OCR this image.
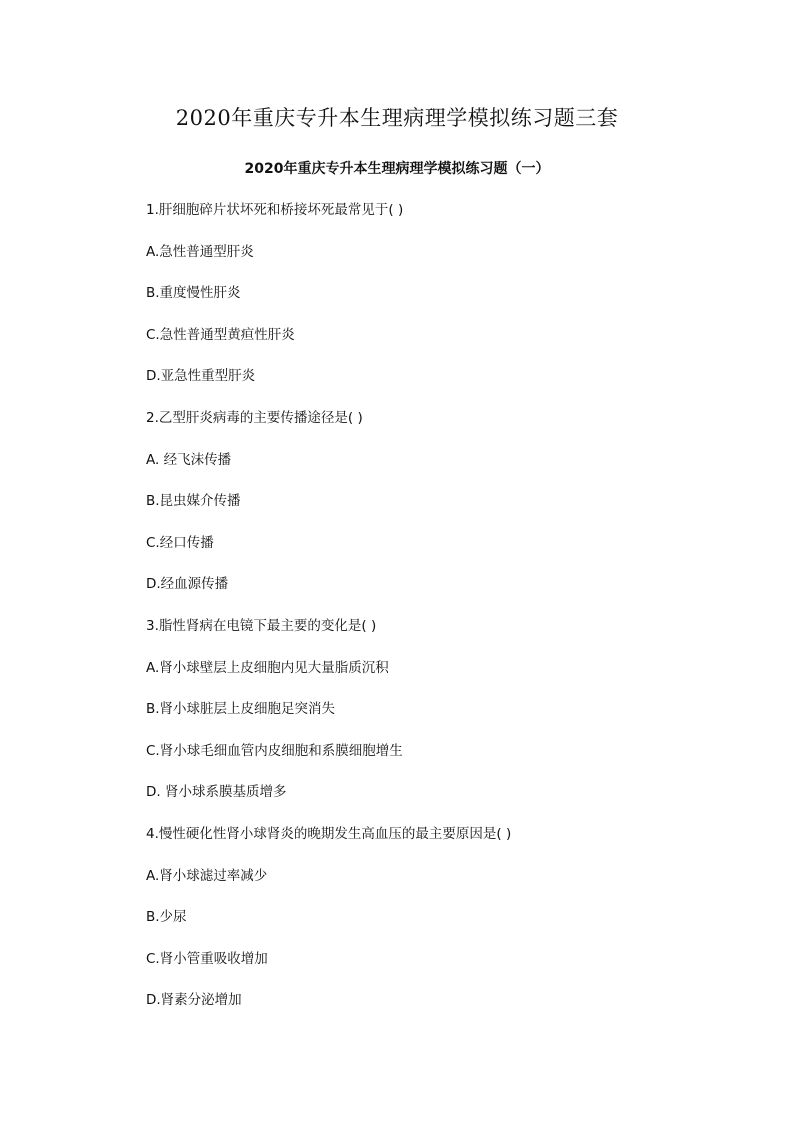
2020年重庆专升本生理病理学模拟练习题三套
2020年重庆专升本生理病理学模拟练习题（一）
1.肝细胞碎片状坏死和桥接坏死最常见于( )
A.急性普通型肝炎
B.重度慢性肝炎
C.急性普通型黄疸性肝炎
D.亚急性重型肝炎
2.乙型肝炎病毒的主要传播途径是( )
A. 经飞沫传播
B.昆虫媒介传播
C.经口传播
D.经血源传播
3.脂性肾病在电镜下最主要的变化是( )
A.肾小球壁层上皮细胞内见大量脂质沉积
B.肾小球脏层上皮细胞足突消失
C.肾小球毛细血管内皮细胞和系膜细胞增生
D. 肾小球系膜基质增多
4.慢性硬化性肾小球肾炎的晚期发生高血压的最主要原因是( )
A.肾小球滤过率减少
B.少尿
C.肾小管重吸收增加
D.肾素分泌增加
